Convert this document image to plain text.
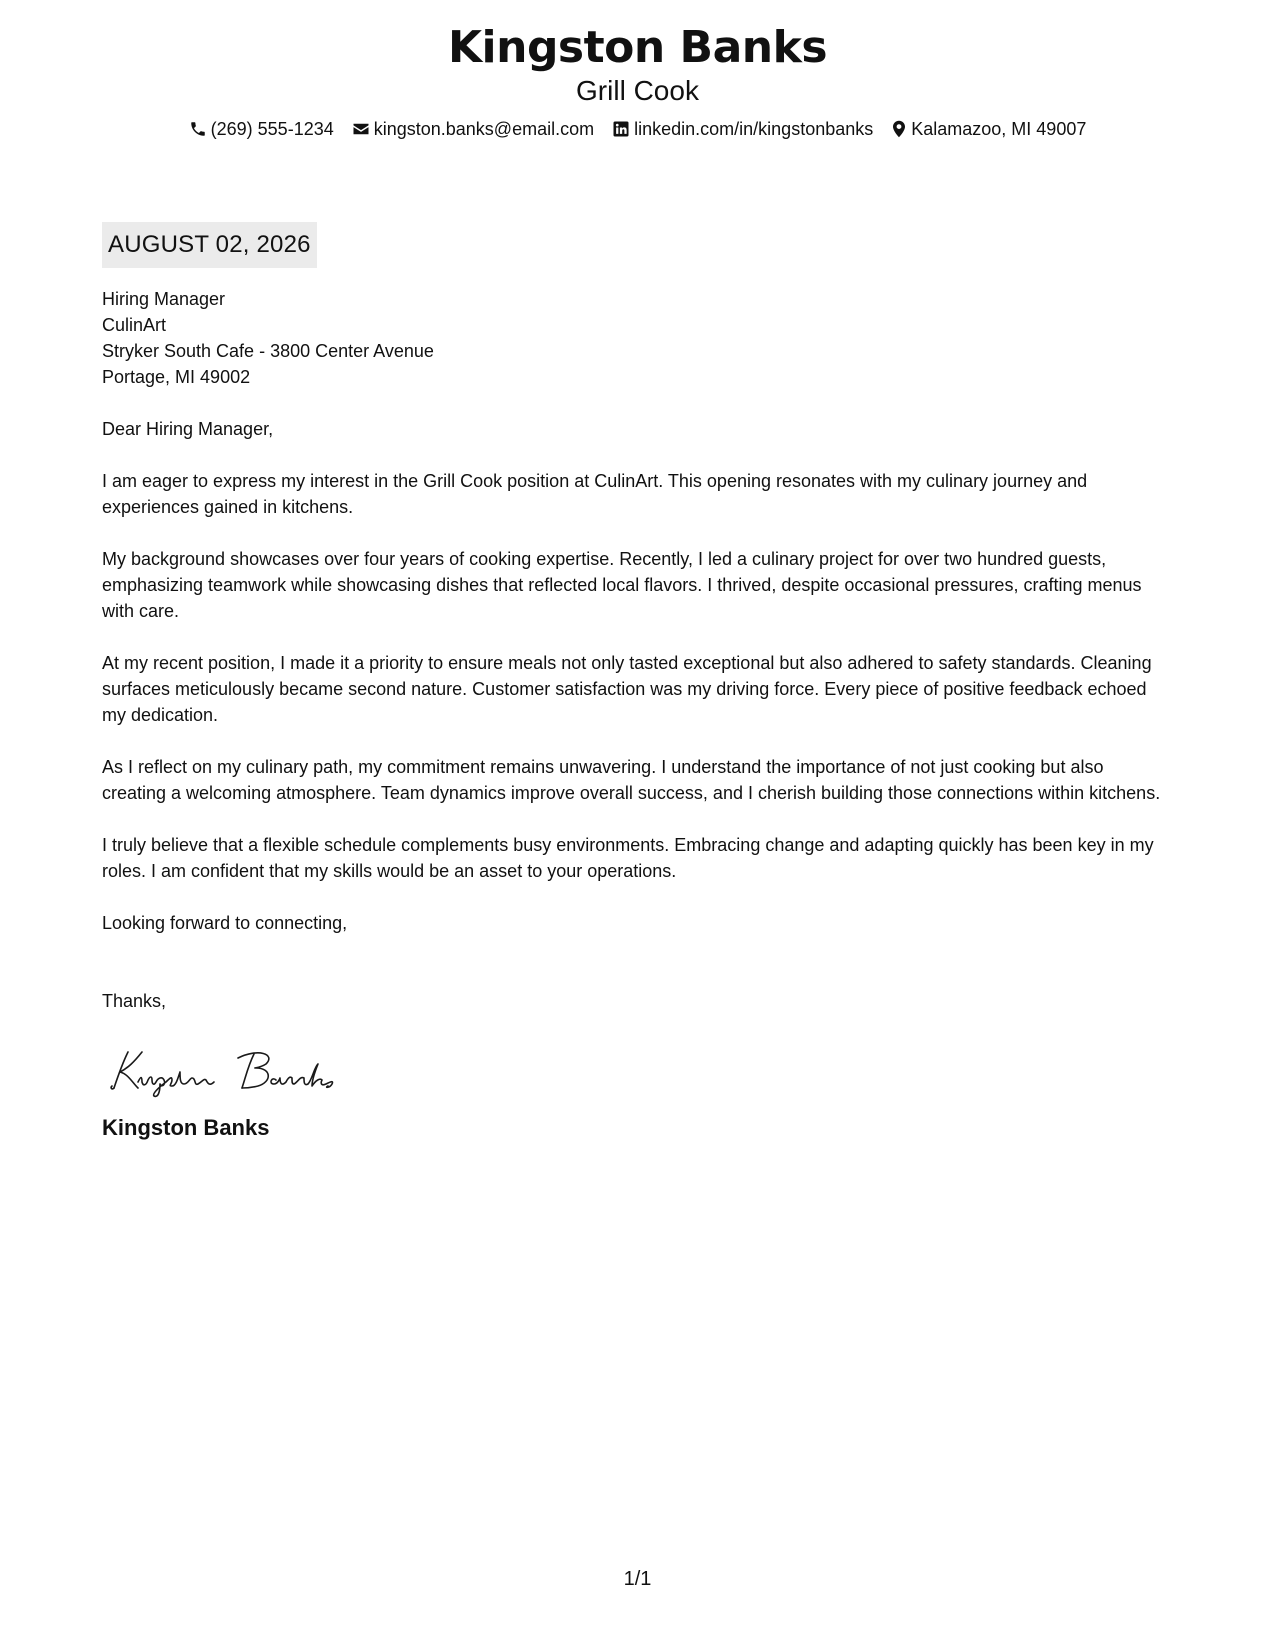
Kingston Banks
Grill Cook
(269) 555-1234 kingston.banks@email.com linkedin.com/in/kingstonbanks Kalamazoo, MI 49007
AUGUST 02, 2026
Hiring Manager
CulinArt
Stryker South Cafe - 3800 Center Avenue
Portage, MI 49002
Dear Hiring Manager,
I am eager to express my interest in the Grill Cook position at CulinArt. This opening resonates with my culinary journey and experiences gained in kitchens.
My background showcases over four years of cooking expertise. Recently, I led a culinary project for over two hundred guests, emphasizing teamwork while showcasing dishes that reflected local flavors. I thrived, despite occasional pressures, crafting menus with care.
At my recent position, I made it a priority to ensure meals not only tasted exceptional but also adhered to safety standards. Cleaning surfaces meticulously became second nature. Customer satisfaction was my driving force. Every piece of positive feedback echoed my dedication.
As I reflect on my culinary path, my commitment remains unwavering. I understand the importance of not just cooking but also creating a welcoming atmosphere. Team dynamics improve overall success, and I cherish building those connections within kitchens.
I truly believe that a flexible schedule complements busy environments. Embracing change and adapting quickly has been key in my roles. I am confident that my skills would be an asset to your operations.
Looking forward to connecting,
Thanks,
Kingston Banks
1/1
